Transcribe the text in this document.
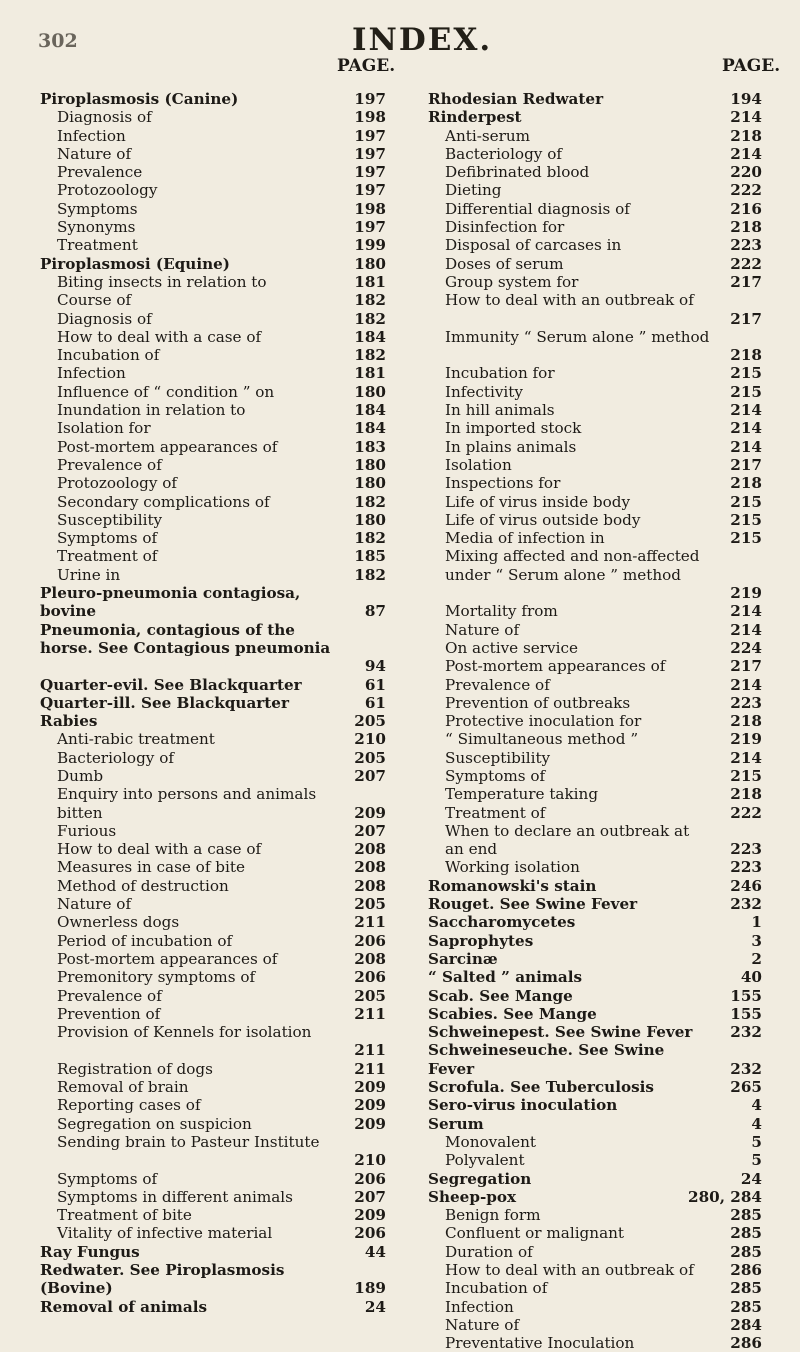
302	INDEX.
PAGE.	PAGE.
Piroplasmosis (Canine)	197
Diagnosis of	198
Infection	197
Nature of	197
Prevalence	197
Protozoology	197
Symptoms	198
Synonyms	197
Treatment	199
Piroplasmosi (Equine)	180
Biting insects in relation to	181
Course of	182
Diagnosis of	182
How to deal with a case of	184
Incubation of	182
Infection	181
Influence of “ condition ” on	180
Inundation in relation to	184
Isolation for	184
Post-mortem appearances of	183
Prevalence of	180
Protozoology of	180
Secondary complications of	182
Susceptibility	180
Symptoms of	182
Treatment of	185
Urine in	182
Pleuro-pneumonia contagiosa, bovine	87
Pneumonia, contagious of the horse. See Contagious pneumonia
94
Quarter-evil. See Blackquarter	61
Quarter-ill. See Blackquarter	61
Rabies	205
Anti-rabic treatment	210
Bacteriology of	205
Dumb	207
Enquiry into persons and animals bitten	209
Furious	207
How to deal with a case of	208
Measures in case of bite	208
Method of destruction	208
Nature of	205
Ownerless dogs	211
Period of incubation of	206
Post-mortem appearances of	208
Premonitory symptoms of	206
Prevalence of	205
Prevention of	211
Provision of Kennels for isolation
211
Registration of dogs	211
Removal of brain	209
Reporting cases of	209
Segregation on suspicion	209
Sending brain to Pasteur Institute
210
Symptoms of	206
Symptoms in different animals	207
Treatment of bite	209
Vitality of infective material	206
Ray Fungus	44
Redwater. See Piroplasmosis (Bovine)	189
Removal of animals	24
Rhodesian Redwater	194
Rinderpest	214
Anti-serum	218
Bacteriology of	214
Defibrinated blood	220
Dieting	222
Differential diagnosis of	216
Disinfection for	218
Disposal of carcases in	223
Doses of serum	222
Group system for	217
How to deal with an outbreak of
217
Immunity “ Serum alone ” method
218
Incubation for	215
Infectivity	215
In hill animals	214
In imported stock	214
In plains animals	214
Isolation	217
Inspections for	218
Life of virus inside body	215
Life of virus outside body	215
Media of infection in	215
Mixing affected and non-affected under “ Serum alone ” method
219
Mortality from	214
Nature of	214
On active service	224
Post-mortem appearances of	217
Prevalence of	214
Prevention of outbreaks	223
Protective inoculation for	218
“ Simultaneous method ”	219
Susceptibility	214
Symptoms of	215
Temperature taking	218
Treatment of	222
When to declare an outbreak at an end	223
Working isolation	223
Romanowski's stain	246
Rouget. See Swine Fever	232
Saccharomycetes	1
Saprophytes	3
Sarcinæ	2
“ Salted ” animals	40
Scab. See Mange	155
Scabies. See Mange	155
Schweinepest. See Swine Fever	232
Schweineseuche. See Swine Fever	232
Scrofula. See Tuberculosis	265
Sero-virus inoculation	4
Serum	4
Monovalent	5
Polyvalent	5
Segregation	24
Sheep-pox	280, 284
Benign form	285
Confluent or malignant	285
Duration of	285
How to deal with an outbreak of	286
Incubation of	285
Infection	285
Nature of	284
Preventative Inoculation	286
